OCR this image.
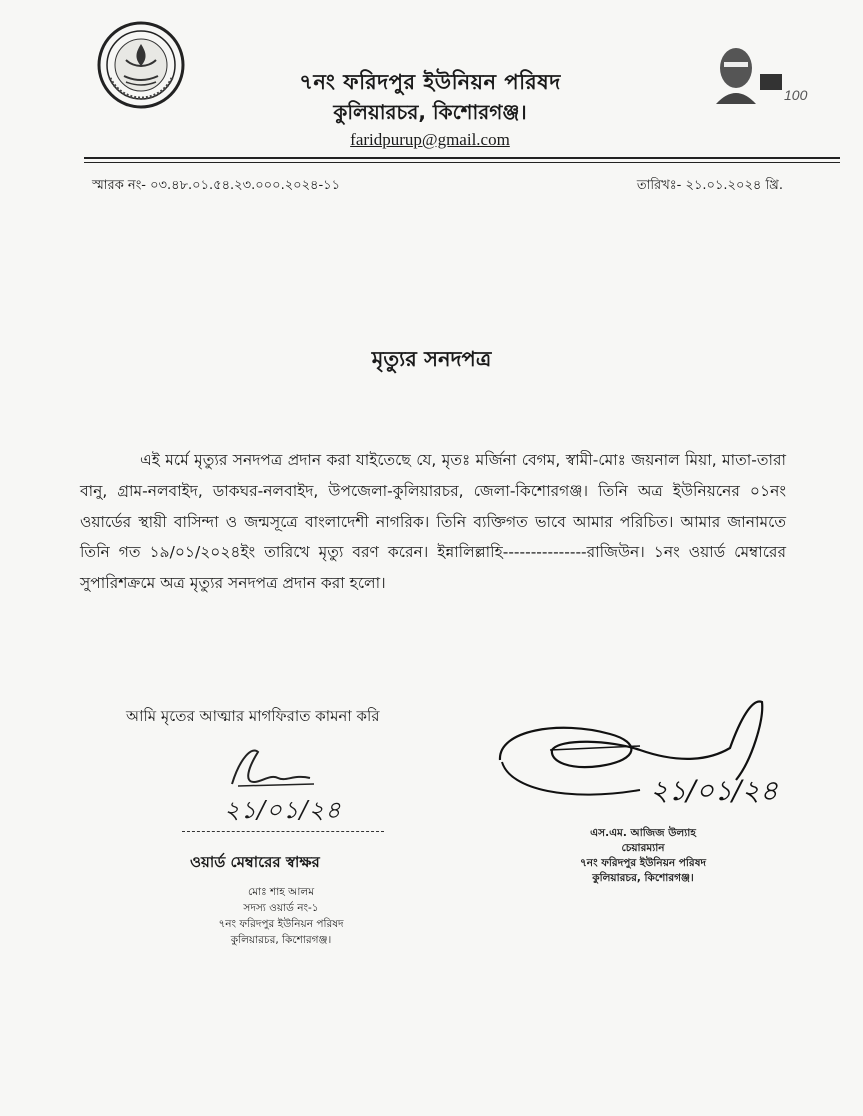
৭নং ফরিদপুর ইউনিয়ন পরিষদ
কুলিয়ারচর, কিশোরগঞ্জ।
faridpurup@gmail.com
100
স্মারক নং- ০৩.৪৮.০১.৫৪.২৩.০০০.২০২৪-১১	তারিখঃ- ২১.০১.২০২৪ খ্রি.
মৃত্যুর সনদপত্র
এই মর্মে মৃত্যুর সনদপত্র প্রদান করা যাইতেছে যে, মৃতঃ মর্জিনা বেগম, স্বামী-মোঃ জয়নাল মিয়া, মাতা-তারা বানু, গ্রাম-নলবাইদ, ডাকঘর-নলবাইদ, উপজেলা-কুলিয়ারচর, জেলা-কিশোরগঞ্জ। তিনি অত্র ইউনিয়নের ০১নং ওয়ার্ডের স্থায়ী বাসিন্দা ও জন্মসূত্রে বাংলাদেশী নাগরিক। তিনি ব্যক্তিগত ভাবে আমার পরিচিত। আমার জানামতে তিনি গত ১৯/০১/২০২৪ইং তারিখে মৃত্যু বরণ করেন। ইন্নালিল্লাহি---------------রাজিউন। ১নং ওয়ার্ড মেম্বারের সুপারিশক্রমে অত্র মৃত্যুর সনদপত্র প্রদান করা হলো।
আমি মৃতের আত্মার মাগফিরাত কামনা করি
২১/০১/২৪
ওয়ার্ড মেম্বারের স্বাক্ষর
মোঃ শাহ আলম
সদস্য ওয়ার্ড নং-১
৭নং ফরিদপুর ইউনিয়ন পরিষদ
কুলিয়ারচর, কিশোরগঞ্জ।
২১/০১/২৪
এস.এম. আজিজ উল্যাহ
চেয়ারম্যান
৭নং ফরিদপুর ইউনিয়ন পরিষদ
কুলিয়ারচর, কিশোরগঞ্জ।
